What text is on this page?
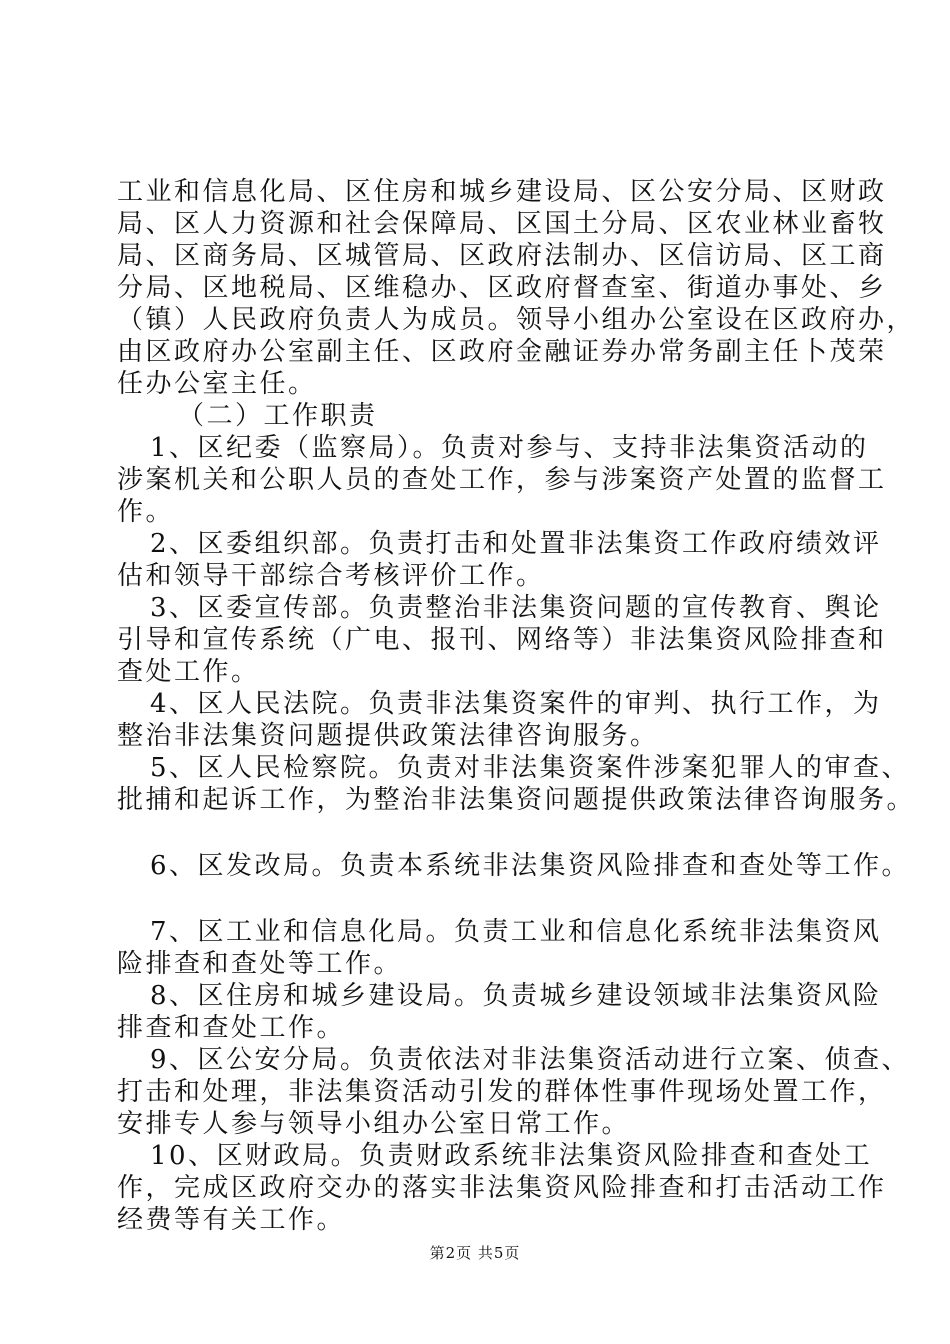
工业和信息化局、区住房和城乡建设局、区公安分局、区财政
局、区人力资源和社会保障局、区国土分局、区农业林业畜牧
局、区商务局、区城管局、区政府法制办、区信访局、区工商
分局、区地税局、区维稳办、区政府督查室、街道办事处、乡
（镇）人民政府负责人为成员。领导小组办公室设在区政府办，
由区政府办公室副主任、区政府金融证券办常务副主任卜茂荣
任办公室主任。
（二）工作职责
1、区纪委（监察局）。负责对参与、支持非法集资活动的
涉案机关和公职人员的查处工作，参与涉案资产处置的监督工
作。
2、区委组织部。负责打击和处置非法集资工作政府绩效评
估和领导干部综合考核评价工作。
3、区委宣传部。负责整治非法集资问题的宣传教育、舆论
引导和宣传系统（广电、报刊、网络等）非法集资风险排查和
查处工作。
4、区人民法院。负责非法集资案件的审判、执行工作，为
整治非法集资问题提供政策法律咨询服务。
5、区人民检察院。负责对非法集资案件涉案犯罪人的审查、
批捕和起诉工作，为整治非法集资问题提供政策法律咨询服务。
6、区发改局。负责本系统非法集资风险排查和查处等工作。
7、区工业和信息化局。负责工业和信息化系统非法集资风
险排查和查处等工作。
8、区住房和城乡建设局。负责城乡建设领域非法集资风险
排查和查处工作。
9、区公安分局。负责依法对非法集资活动进行立案、侦查、
打击和处理，非法集资活动引发的群体性事件现场处置工作，
安排专人参与领导小组办公室日常工作。
10、区财政局。负责财政系统非法集资风险排查和查处工
作，完成区政府交办的落实非法集资风险排查和打击活动工作
经费等有关工作。
第2页 共5页
